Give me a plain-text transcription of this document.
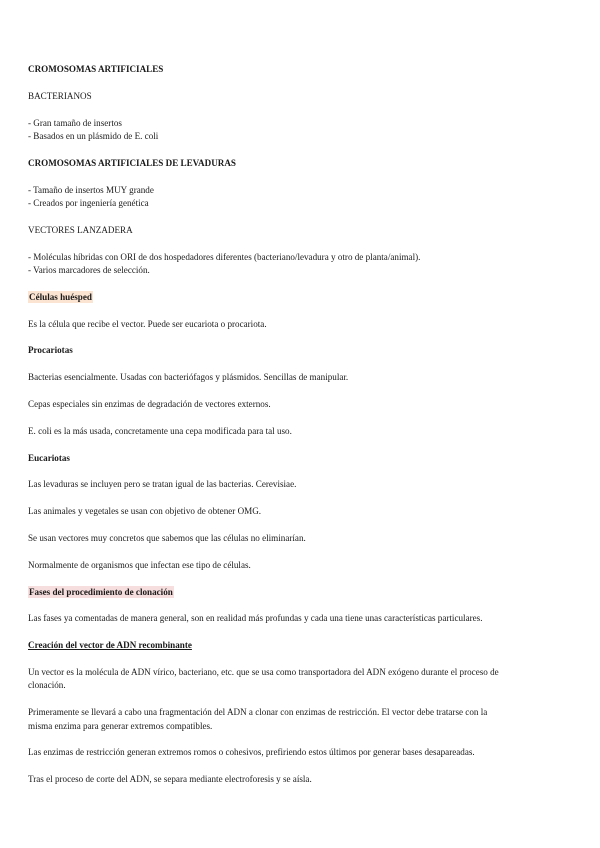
CROMOSOMAS ARTIFICIALES

BACTERIANOS

- Gran tamaño de insertos
- Basados en un plásmido de E. coli

CROMOSOMAS ARTIFICIALES DE LEVADURAS

- Tamaño de insertos MUY grande
- Creados por ingeniería genética

VECTORES LANZADERA

- Moléculas híbridas con ORI de dos hospedadores diferentes (bacteriano/levadura y otro de planta/animal).
- Varios marcadores de selección.

Células huésped

Es la célula que recibe el vector. Puede ser eucariota o procariota.

Procariotas

Bacterias esencialmente. Usadas con bacteriófagos y plásmidos. Sencillas de manipular.

Cepas especiales sin enzimas de degradación de vectores externos.

E. coli es la más usada, concretamente una cepa modificada para tal uso.

Eucariotas

Las levaduras se incluyen pero se tratan igual de las bacterias. Cerevisiae.

Las animales y vegetales se usan con objetivo de obtener OMG.

Se usan vectores muy concretos que sabemos que las células no eliminarían.

Normalmente de organismos que infectan ese tipo de células.

Fases del procedimiento de clonación

Las fases ya comentadas de manera general, son en realidad más profundas y cada una tiene unas características particulares.

Creación del vector de ADN recombinante

Un vector es la molécula de ADN vírico, bacteriano, etc. que se usa como transportadora del ADN exógeno durante el proceso de
clonación.

Primeramente se llevará a cabo una fragmentación del ADN a clonar con enzimas de restricción. El vector debe tratarse con la
misma enzima para generar extremos compatibles.

Las enzimas de restricción generan extremos romos o cohesivos, prefiriendo estos últimos por generar bases desapareadas.

Tras el proceso de corte del ADN, se separa mediante electroforesis y se aísla.
